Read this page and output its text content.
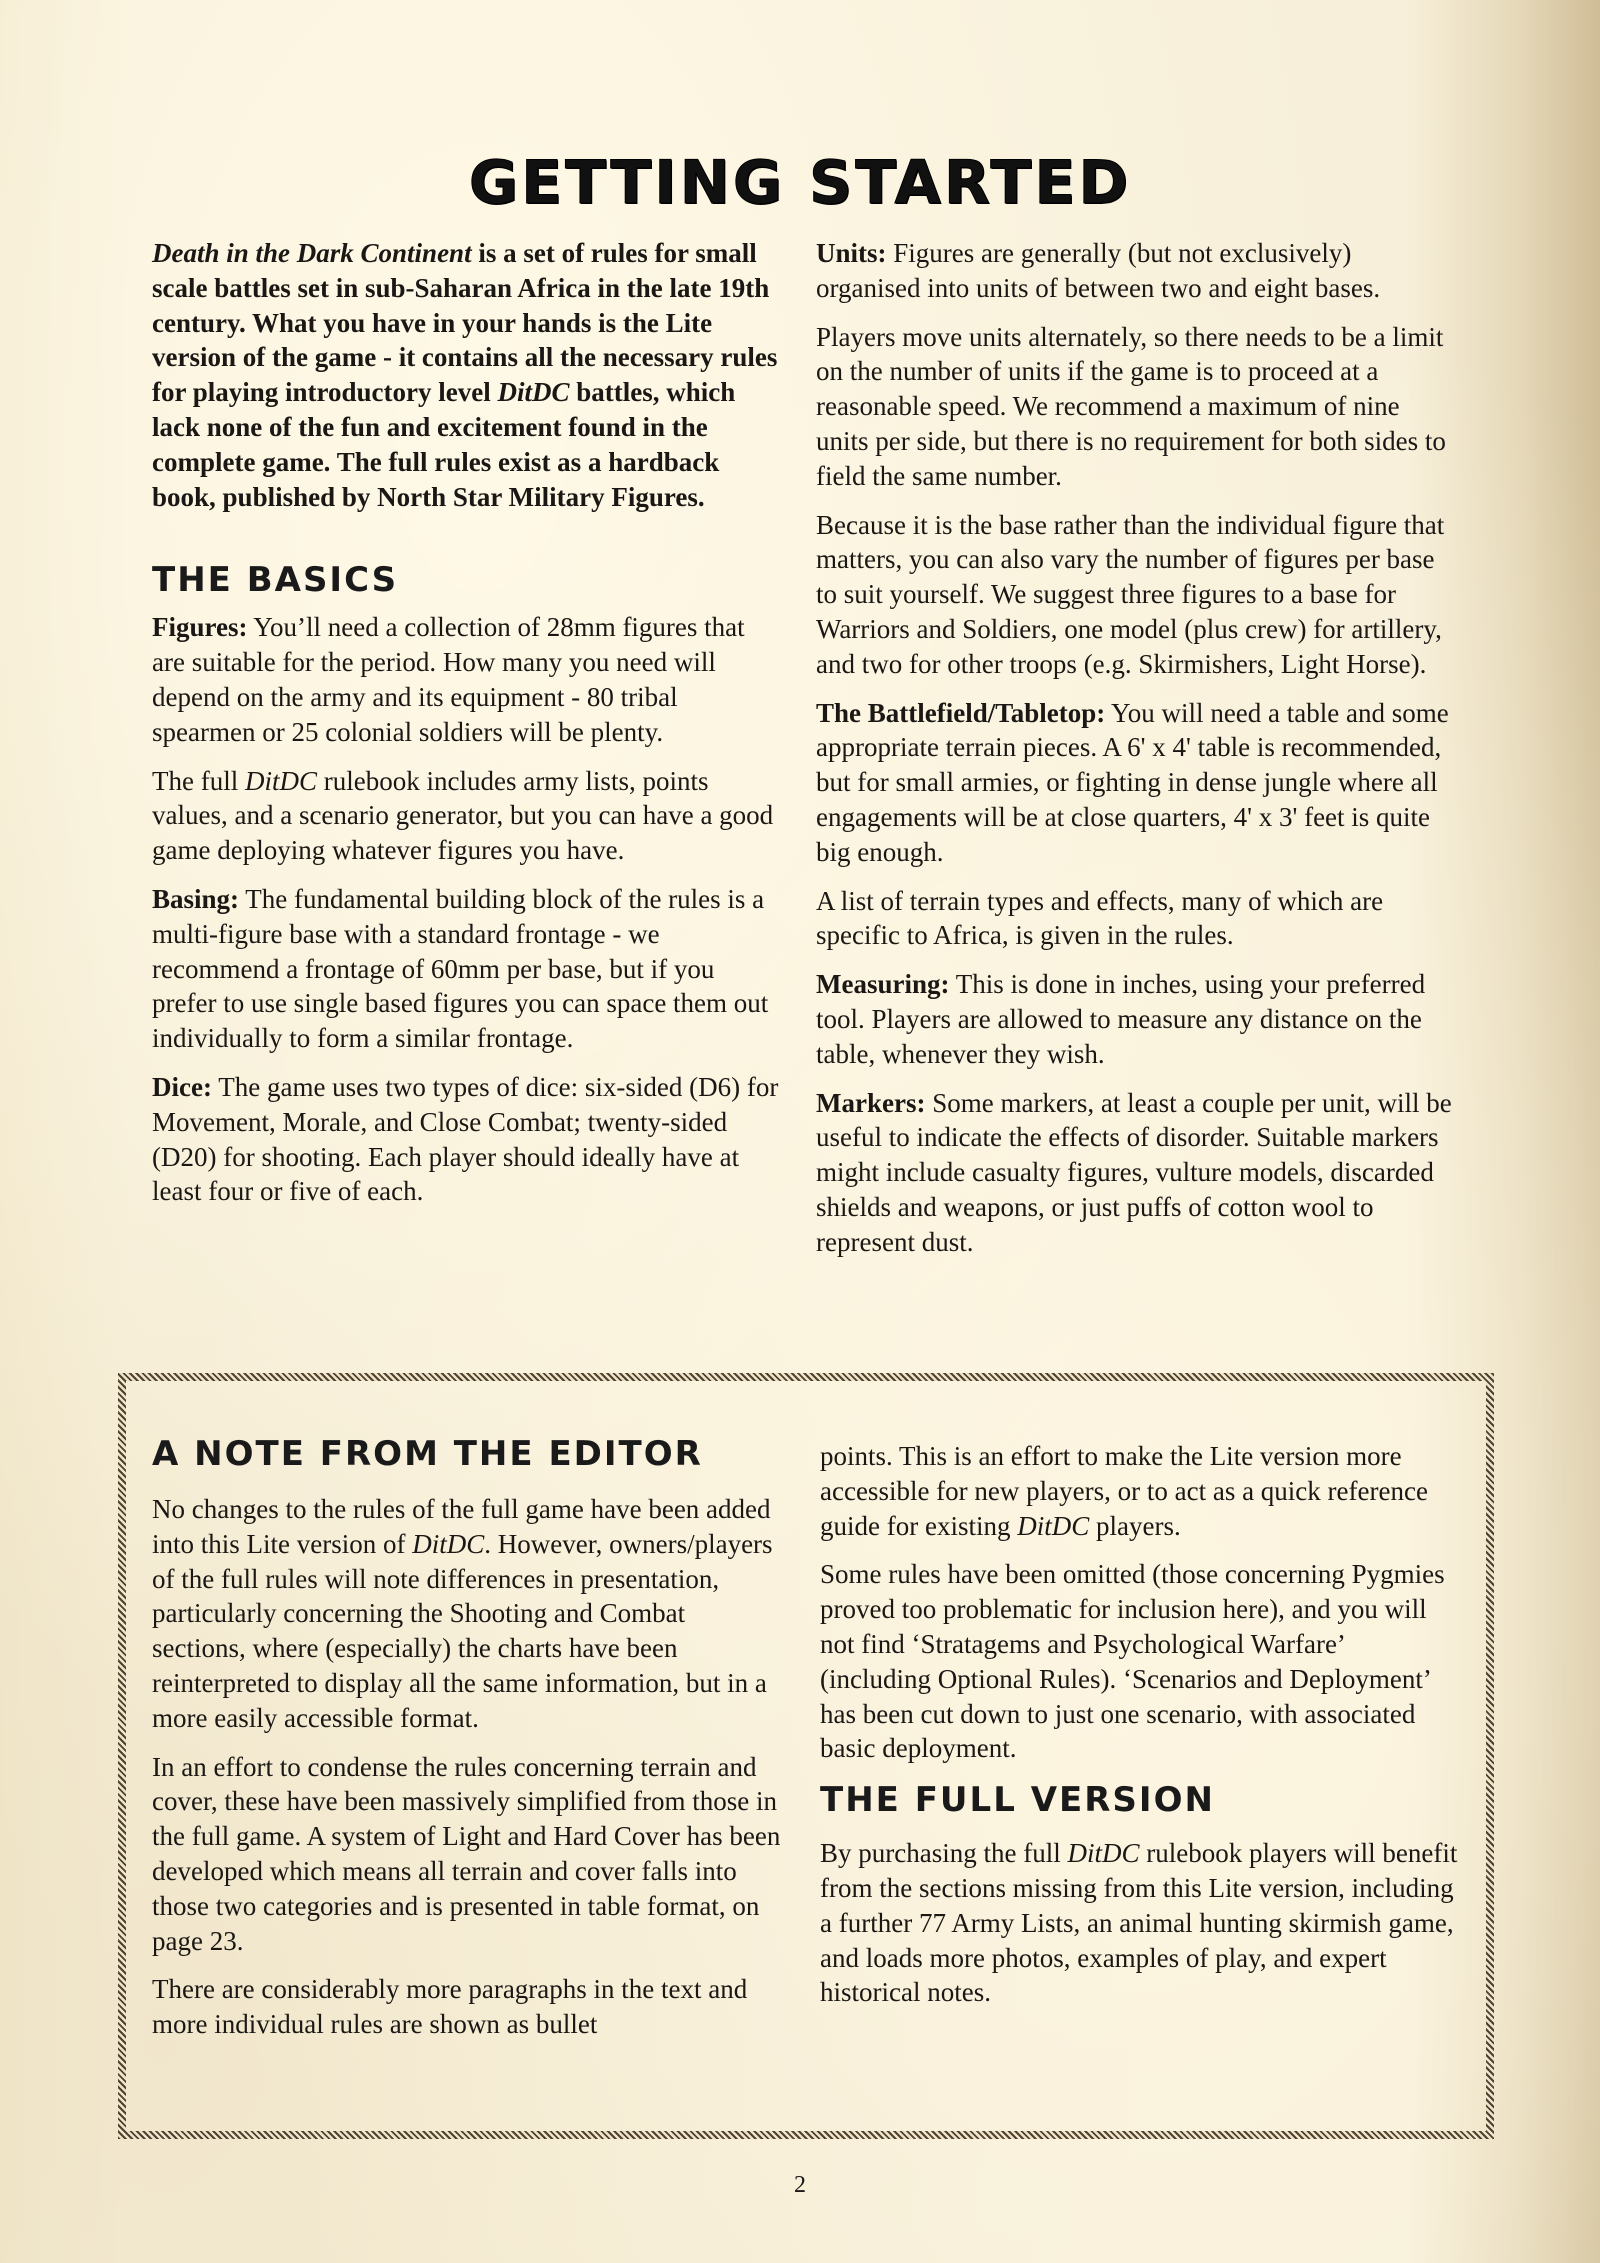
GETTING STARTED

Death in the Dark Continent is a set of rules for small scale battles set in sub-Saharan Africa in the late 19th century. What you have in your hands is the Lite version of the game - it contains all the necessary rules for playing introductory level DitDC battles, which lack none of the fun and excitement found in the complete game. The full rules exist as a hardback book, published by North Star Military Figures.

THE BASICS

Figures: You’ll need a collection of 28mm figures that are suitable for the period. How many you need will depend on the army and its equipment - 80 tribal spearmen or 25 colonial soldiers will be plenty.

The full DitDC rulebook includes army lists, points values, and a scenario generator, but you can have a good game deploying whatever figures you have.

Basing: The fundamental building block of the rules is a multi-figure base with a standard frontage - we recommend a frontage of 60mm per base, but if you prefer to use single based figures you can space them out individually to form a similar frontage.

Dice: The game uses two types of dice: six-sided (D6) for Movement, Morale, and Close Combat; twenty-sided (D20) for shooting. Each player should ideally have at least four or five of each.

Units: Figures are generally (but not exclusively) organised into units of between two and eight bases.

Players move units alternately, so there needs to be a limit on the number of units if the game is to proceed at a reasonable speed. We recommend a maximum of nine units per side, but there is no requirement for both sides to field the same number.

Because it is the base rather than the individual figure that matters, you can also vary the number of figures per base to suit yourself. We suggest three figures to a base for Warriors and Soldiers, one model (plus crew) for artillery, and two for other troops (e.g. Skirmishers, Light Horse).

The Battlefield/Tabletop: You will need a table and some appropriate terrain pieces. A 6' x 4' table is recommended, but for small armies, or fighting in dense jungle where all engagements will be at close quarters, 4' x 3' feet is quite big enough.

A list of terrain types and effects, many of which are specific to Africa, is given in the rules.

Measuring: This is done in inches, using your preferred tool. Players are allowed to measure any distance on the table, whenever they wish.

Markers: Some markers, at least a couple per unit, will be useful to indicate the effects of disorder. Suitable markers might include casualty figures, vulture models, discarded shields and weapons, or just puffs of cotton wool to represent dust.

A NOTE FROM THE EDITOR

No changes to the rules of the full game have been added into this Lite version of DitDC. However, owners/players of the full rules will note differences in presentation, particularly concerning the Shooting and Combat sections, where (especially) the charts have been reinterpreted to display all the same information, but in a more easily accessible format.

In an effort to condense the rules concerning terrain and cover, these have been massively simplified from those in the full game. A system of Light and Hard Cover has been developed which means all terrain and cover falls into those two categories and is presented in table format, on page 23.

There are considerably more paragraphs in the text and more individual rules are shown as bullet

points. This is an effort to make the Lite version more accessible for new players, or to act as a quick reference guide for existing DitDC players.

Some rules have been omitted (those concerning Pygmies proved too problematic for inclusion here), and you will not find ‘Stratagems and Psychological Warfare’ (including Optional Rules). ‘Scenarios and Deployment’ has been cut down to just one scenario, with associated basic deployment.

THE FULL VERSION

By purchasing the full DitDC rulebook players will benefit from the sections missing from this Lite version, including a further 77 Army Lists, an animal hunting skirmish game, and loads more photos, examples of play, and expert historical notes.

2
